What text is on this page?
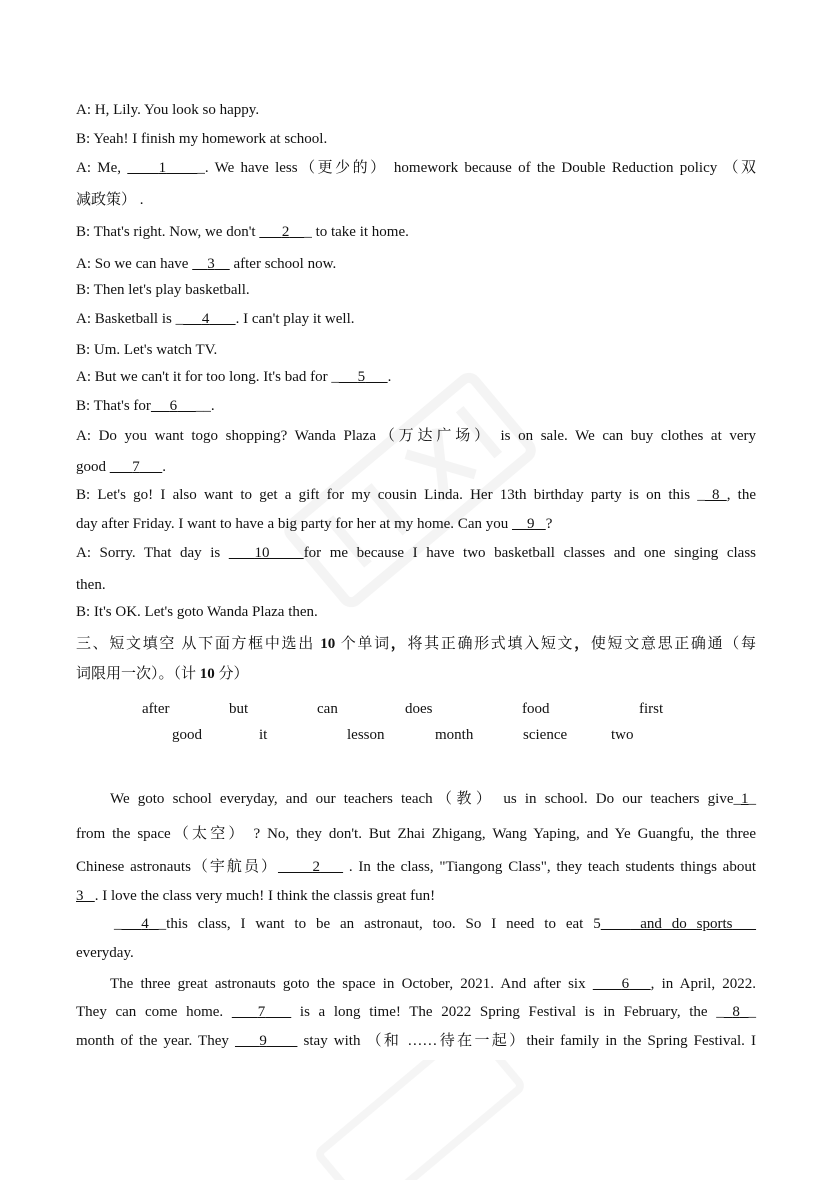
A: H, Lily. You look so happy.
B: Yeah! I finish my homework at school.
A: Me,      1 _. We have less（更少的） homework because of the Double Reduction policy （双
减政策） .
B: That's right. Now, we don't       2 _ to take it home.
A: So we can have     3     after school now.
B: Then let's play basketball.
A: Basketball is _ 4 . I can't play it well.
B: Um. Let's watch TV.
A: But we can't it for too long. It's bad for _ 5 .
B: That's for 6 __.
A: Do you want togo shopping? Wanda Plaza（万达广场） is on sale. We can buy clothes at very
good       7 .
B: Let's go! I also want to get a gift for my cousin Linda. Her 13th birthday party is on this _ 8 , the
day after Friday. I want to have a big party for her at my home. Can you     9 ?
A: Sorry. That day is    10 for me because I have two basketball classes and one singing class
then.
B: It's OK. Let's goto Wanda Plaza then.
三、短文填空 从下面方框中选出 10 个单词，将其正确形式填入短文，使短文意思正确通（每
词限用一次）。（计 10 分）
after	but	can	does	food	first
good	it	lesson	month	science	two
We goto school everyday, and our teachers teach（教） us in school. Do our teachers give_1_
from the space（太空） ? No, they don't. But Zhai Zhigang, Wang Yaping, and Ye Guangfu, the three
Chinese astronauts（宇航员） 2     . In the class, "Tiangong Class", they teach students things about
3 . I love the class very much! I think the classis great fun!
_ 4 _this class, I want to be an astronaut, too. So I need to eat 5    and do sports
everyday.
The three great astronauts goto the space in October, 2021. And after six     6 , in April, 2022.
They can come home.    7    is a long time! The 2022 Spring Festival is in February, the _ 8 _
month of the year. They     9      stay with （和 ……待在一起）their family in the Spring Festival. I
